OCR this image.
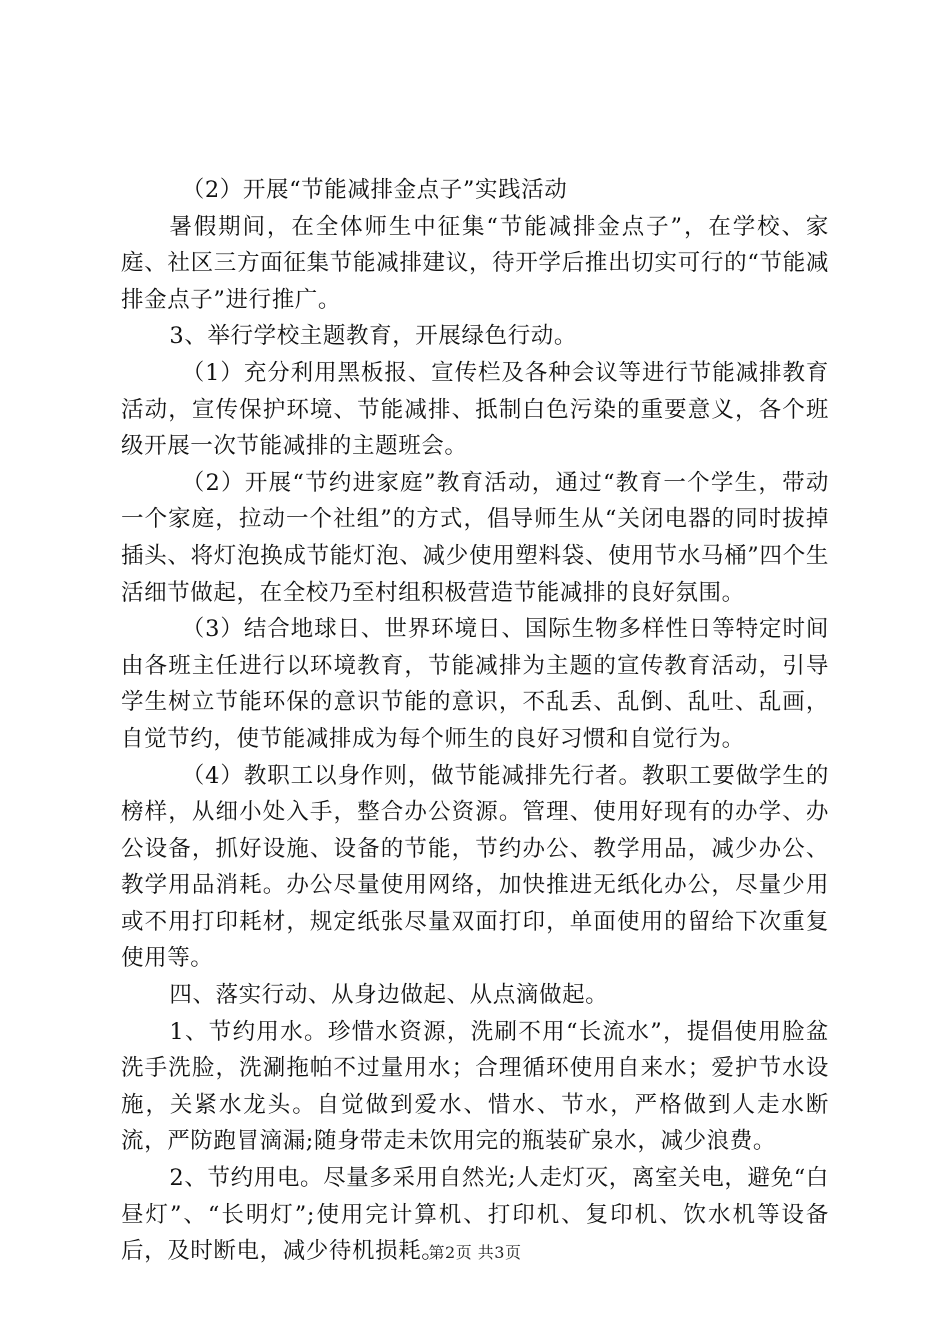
（2）开展“节能减排金点子”实践活动

暑假期间，在全体师生中征集“节能减排金点子”，在学校、家庭、社区三方面征集节能减排建议，待开学后推出切实可行的“节能减排金点子”进行推广。

3、举行学校主题教育，开展绿色行动。

（1）充分利用黑板报、宣传栏及各种会议等进行节能减排教育活动，宣传保护环境、节能减排、抵制白色污染的重要意义，各个班级开展一次节能减排的主题班会。

（2）开展“节约进家庭”教育活动，通过“教育一个学生，带动一个家庭，拉动一个社组”的方式，倡导师生从“关闭电器的同时拔掉插头、将灯泡换成节能灯泡、减少使用塑料袋、使用节水马桶”四个生活细节做起，在全校乃至村组积极营造节能减排的良好氛围。

（3）结合地球日、世界环境日、国际生物多样性日等特定时间由各班主任进行以环境教育，节能减排为主题的宣传教育活动，引导学生树立节能环保的意识节能的意识，不乱丢、乱倒、乱吐、乱画，自觉节约，使节能减排成为每个师生的良好习惯和自觉行为。

（4）教职工以身作则，做节能减排先行者。教职工要做学生的榜样，从细小处入手，整合办公资源。管理、使用好现有的办学、办公设备，抓好设施、设备的节能，节约办公、教学用品，减少办公、教学用品消耗。办公尽量使用网络，加快推进无纸化办公，尽量少用或不用打印耗材，规定纸张尽量双面打印，单面使用的留给下次重复使用等。

四、落实行动、从身边做起、从点滴做起。

1、节约用水。珍惜水资源，洗刷不用“长流水”，提倡使用脸盆洗手洗脸，洗涮拖帕不过量用水；合理循环使用自来水；爱护节水设施，关紧水龙头。自觉做到爱水、惜水、节水，严格做到人走水断流，严防跑冒滴漏;随身带走未饮用完的瓶装矿泉水，减少浪费。

2、节约用电。尽量多采用自然光;人走灯灭，离室关电，避免“白昼灯”、“长明灯”;使用完计算机、打印机、复印机、饮水机等设备后，及时断电，减少待机损耗。

第2页 共3页
